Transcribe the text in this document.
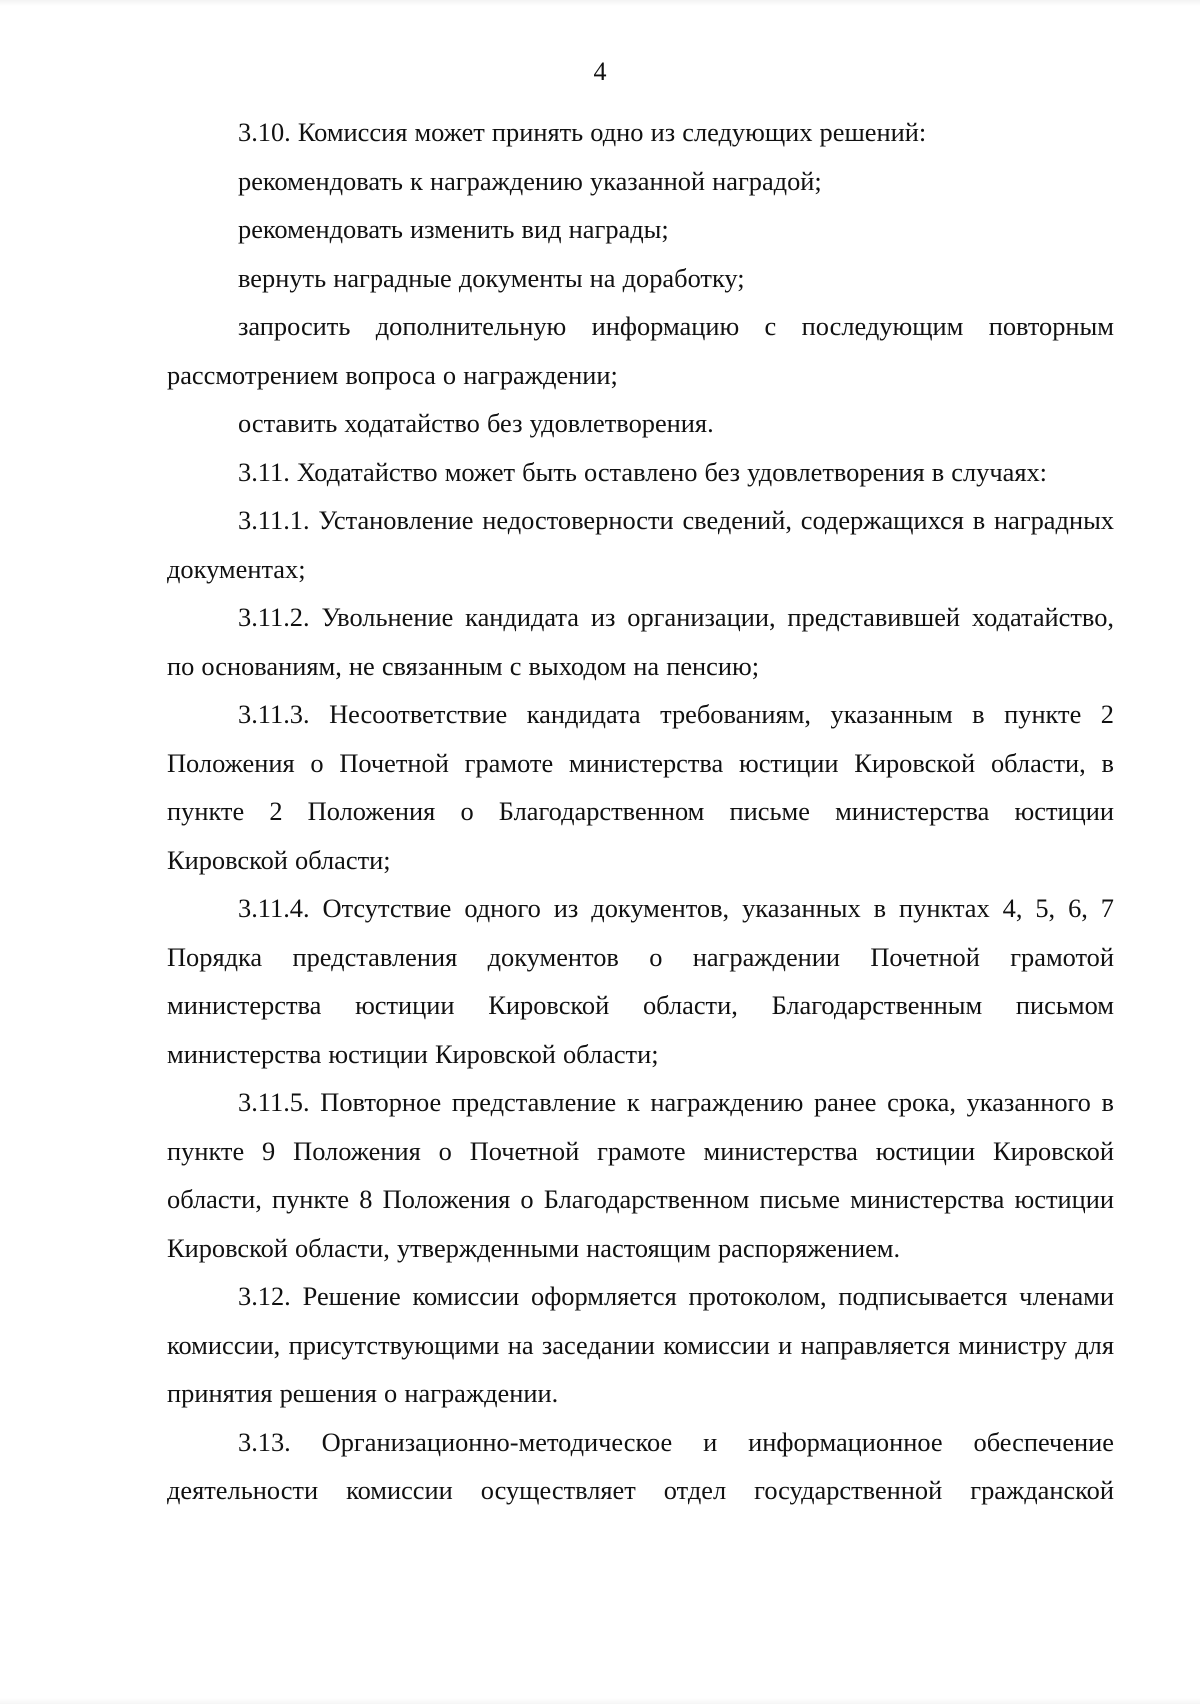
4

3.10. Комиссия может принять одно из следующих решений:

рекомендовать к награждению указанной наградой;

рекомендовать изменить вид награды;

вернуть наградные документы на доработку;

запросить дополнительную информацию с последующим повторным рассмотрением вопроса о награждении;

оставить ходатайство без удовлетворения.

3.11. Ходатайство может быть оставлено без удовлетворения в случаях:

3.11.1. Установление недостоверности сведений, содержащихся в наградных документах;

3.11.2. Увольнение кандидата из организации, представившей ходатайство, по основаниям, не связанным с выходом на пенсию;

3.11.3. Несоответствие кандидата требованиям, указанным в пункте 2 Положения о Почетной грамоте министерства юстиции Кировской области, в пункте 2 Положения о Благодарственном письме министерства юстиции Кировской области;

3.11.4. Отсутствие одного из документов, указанных в пунктах 4, 5, 6, 7 Порядка представления документов о награждении Почетной грамотой министерства юстиции Кировской области, Благодарственным письмом министерства юстиции Кировской области;

3.11.5. Повторное представление к награждению ранее срока, указанного в пункте 9 Положения о Почетной грамоте министерства юстиции Кировской области, пункте 8 Положения о Благодарственном письме министерства юстиции Кировской области, утвержденными настоящим распоряжением.

3.12. Решение комиссии оформляется протоколом, подписывается членами комиссии, присутствующими на заседании комиссии и направляется министру для принятия решения о награждении.

3.13. Организационно-методическое и информационное обеспечение деятельности комиссии осуществляет отдел государственной гражданской
